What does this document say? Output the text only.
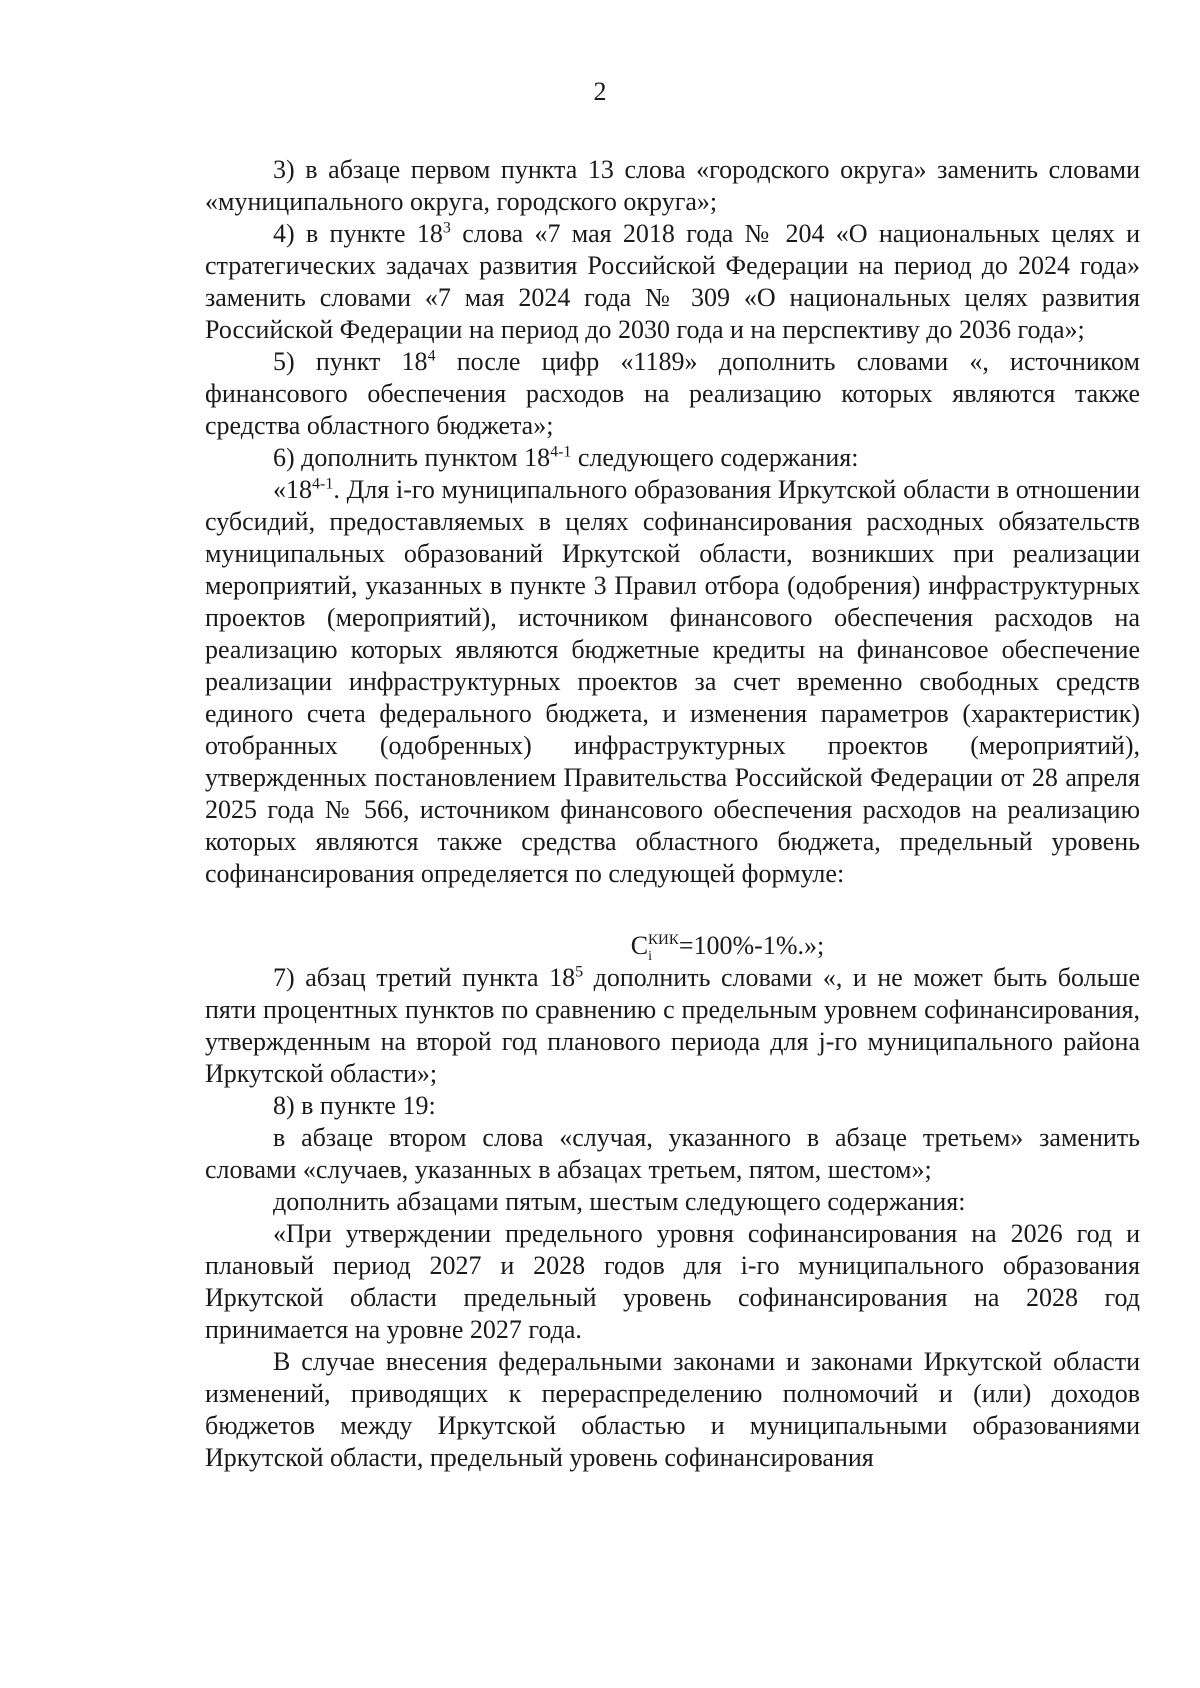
2

3) в абзаце первом пункта 13 слова «городского округа» заменить словами «муниципального округа, городского округа»;

4) в пункте $18^3$ слова «7 мая 2018 года № 204 «О национальных целях и стратегических задачах развития Российской Федерации на период до 2024 года» заменить словами «7 мая 2024 года № 309 «О национальных целях развития Российской Федерации на период до 2030 года и на перспективу до 2036 года»;

5) пункт $18^4$ после цифр «1189» дополнить словами «, источником финансового обеспечения расходов на реализацию которых являются также средства областного бюджета»;

6) дополнить пунктом 18$^{4-1}$ следующего содержания:

«18$^{4-1}$. Для i-го муниципального образования Иркутской области в отношении субсидий, предоставляемых в целях софинансирования расходных обязательств муниципальных образований Иркутской области, возникших при реализации мероприятий, указанных в пункте 3 Правил отбора (одобрения) инфраструктурных проектов (мероприятий), источником финансового обеспечения расходов на реализацию которых являются бюджетные кредиты на финансовое обеспечение реализации инфраструктурных проектов за счет временно свободных средств единого счета федерального бюджета, и изменения параметров (характеристик) отобранных (одобренных) инфраструктурных проектов (мероприятий), утвержденных постановлением Правительства Российской Федерации от 28 апреля 2025 года № 566, источником финансового обеспечения расходов на реализацию которых являются также средства областного бюджета, предельный уровень софинансирования определяется по следующей формуле:

$C_i^{КИК}=100\%-1\%$.»;

7) абзац третий пункта $18^5$ дополнить словами «, и не может быть больше пяти процентных пунктов по сравнению с предельным уровнем софинансирования, утвержденным на второй год планового периода для j-го муниципального района Иркутской области»;

8) в пункте 19:

в абзаце втором слова «случая, указанного в абзаце третьем» заменить словами «случаев, указанных в абзацах третьем, пятом, шестом»;

дополнить абзацами пятым, шестым следующего содержания:

«При утверждении предельного уровня софинансирования на 2026 год и плановый период 2027 и 2028 годов для i-го муниципального образования Иркутской области предельный уровень софинансирования на 2028 год принимается на уровне 2027 года.

В случае внесения федеральными законами и законами Иркутской области изменений, приводящих к перераспределению полномочий и (или) доходов бюджетов между Иркутской областью и муниципальными образованиями Иркутской области, предельный уровень софинансирования
